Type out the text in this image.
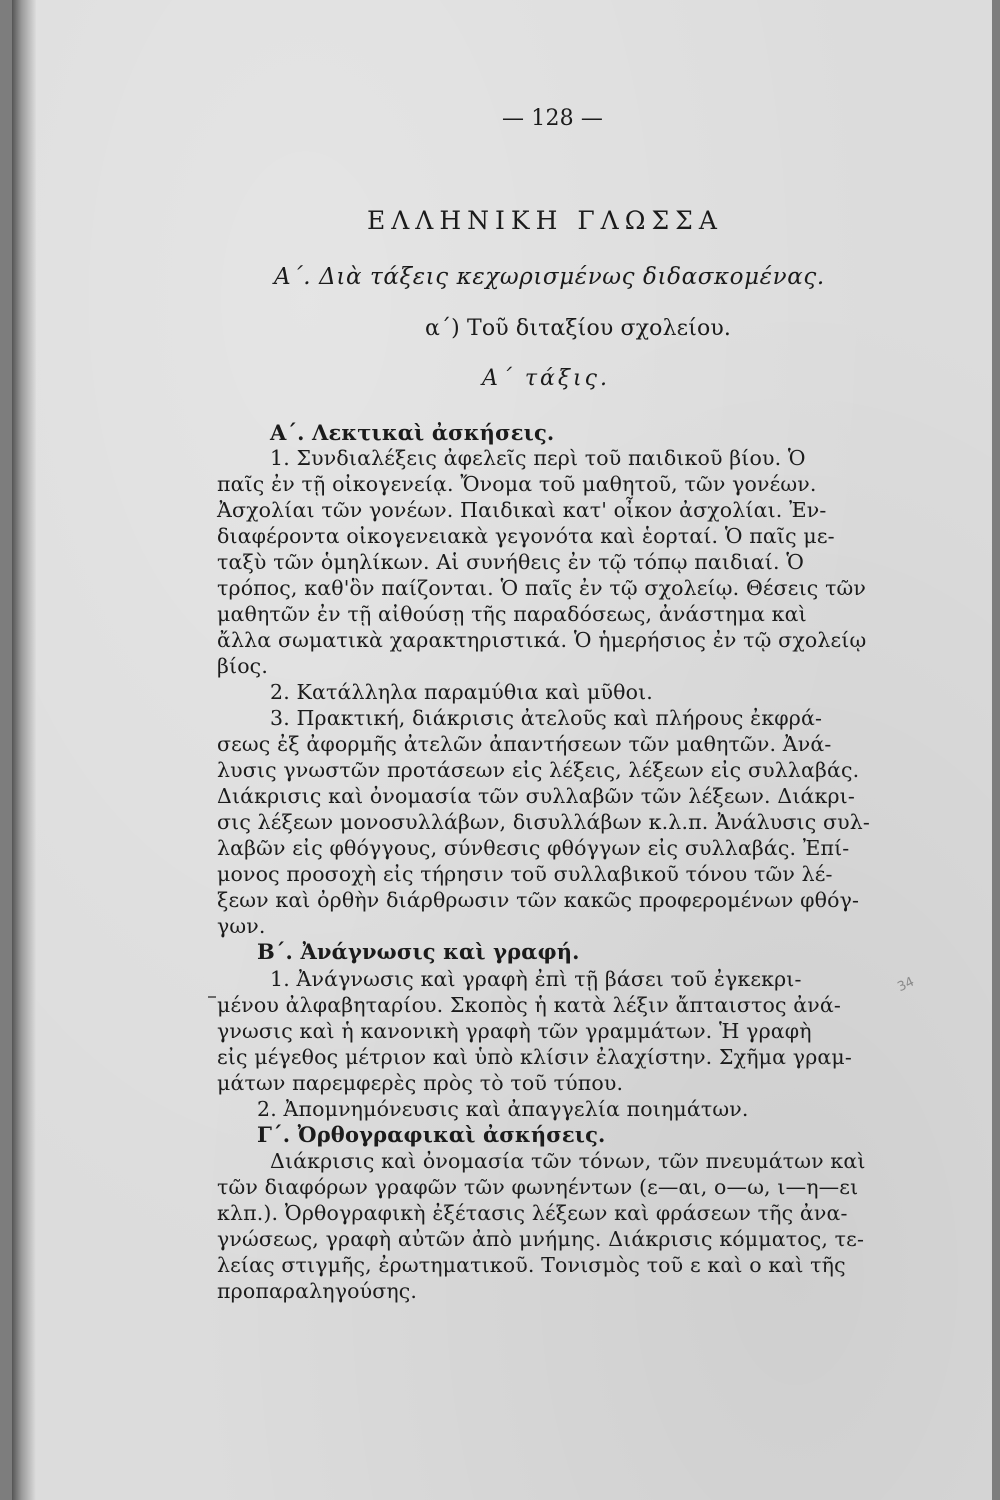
— 128 —
ΕΛΛΗΝΙΚΗ ΓΛΩΣΣΑ
Α΄. Διὰ τάξεις κεχωρισμένως διδασκομένας.
α΄) Τοῦ διταξίου σχολείου.
Α΄ τάξις.
Α΄. Λεκτικαὶ ἀσκήσεις.
1. Συνδιαλέξεις ἀφελεῖς περὶ τοῦ παιδικοῦ βίου. Ὁ
παῖς ἐν τῇ οἰκογενείᾳ. Ὄνομα τοῦ μαθητοῦ, τῶν γονέων.
Ἀσχολίαι τῶν γονέων. Παιδικαὶ κατ' οἶκον ἀσχολίαι. Ἐν-
διαφέροντα οἰκογενειακὰ γεγονότα καὶ ἑορταί. Ὁ παῖς με-
ταξὺ τῶν ὁμηλίκων. Αἱ συνήθεις ἐν τῷ τόπῳ παιδιαί. Ὁ
τρόπος, καθ'ὃν παίζονται. Ὁ παῖς ἐν τῷ σχολείῳ. Θέσεις τῶν
μαθητῶν ἐν τῇ αἰθούσῃ τῆς παραδόσεως, ἀνάστημα καὶ
ἄλλα σωματικὰ χαρακτηριστικά. Ὁ ἡμερήσιος ἐν τῷ σχολείῳ
βίος.
2. Κατάλληλα παραμύθια καὶ μῦθοι.
3. Πρακτική, διάκρισις ἀτελοῦς καὶ πλήρους ἐκφρά-
σεως ἐξ ἀφορμῆς ἀτελῶν ἀπαντήσεων τῶν μαθητῶν. Ἀνά-
λυσις γνωστῶν προτάσεων εἰς λέξεις, λέξεων εἰς συλλαβάς.
Διάκρισις καὶ ὀνομασία τῶν συλλαβῶν τῶν λέξεων. Διάκρι-
σις λέξεων μονοσυλλάβων, δισυλλάβων κ.λ.π. Ἀνάλυσις συλ-
λαβῶν εἰς φθόγγους, σύνθεσις φθόγγων εἰς συλλαβάς. Ἐπί-
μονος προσοχὴ εἰς τήρησιν τοῦ συλλαβικοῦ τόνου τῶν λέ-
ξεων καὶ ὀρθὴν διάρθρωσιν τῶν κακῶς προφερομένων φθόγ-
γων.
Β΄. Ἀνάγνωσις καὶ γραφή.
1. Ἀνάγνωσις καὶ γραφὴ ἐπὶ τῇ βάσει τοῦ ἐγκεκρι-
μένου ἀλφαβηταρίου. Σκοπὸς ἡ κατὰ λέξιν ἄπταιστος ἀνά-
γνωσις καὶ ἡ κανονικὴ γραφὴ τῶν γραμμάτων. Ἡ γραφὴ
εἰς μέγεθος μέτριον καὶ ὑπὸ κλίσιν ἐλαχίστην. Σχῆμα γραμ-
μάτων παρεμφερὲς πρὸς τὸ τοῦ τύπου.
2. Ἀπομνημόνευσις καὶ ἀπαγγελία ποιημάτων.
Γ΄. Ὀρθογραφικαὶ ἀσκήσεις.
Διάκρισις καὶ ὀνομασία τῶν τόνων, τῶν πνευμάτων καὶ
τῶν διαφόρων γραφῶν τῶν φωνηέντων (ε—αι, ο—ω, ι—η—ει
κλπ.). Ὀρθογραφικὴ ἐξέτασις λέξεων καὶ φράσεων τῆς ἀνα-
γνώσεως, γραφὴ αὐτῶν ἀπὸ μνήμης. Διάκρισις κόμματος, τε-
λείας στιγμῆς, ἐρωτηματικοῦ. Τονισμὸς τοῦ ε καὶ ο καὶ τῆς
προπαραληγούσης.
34
